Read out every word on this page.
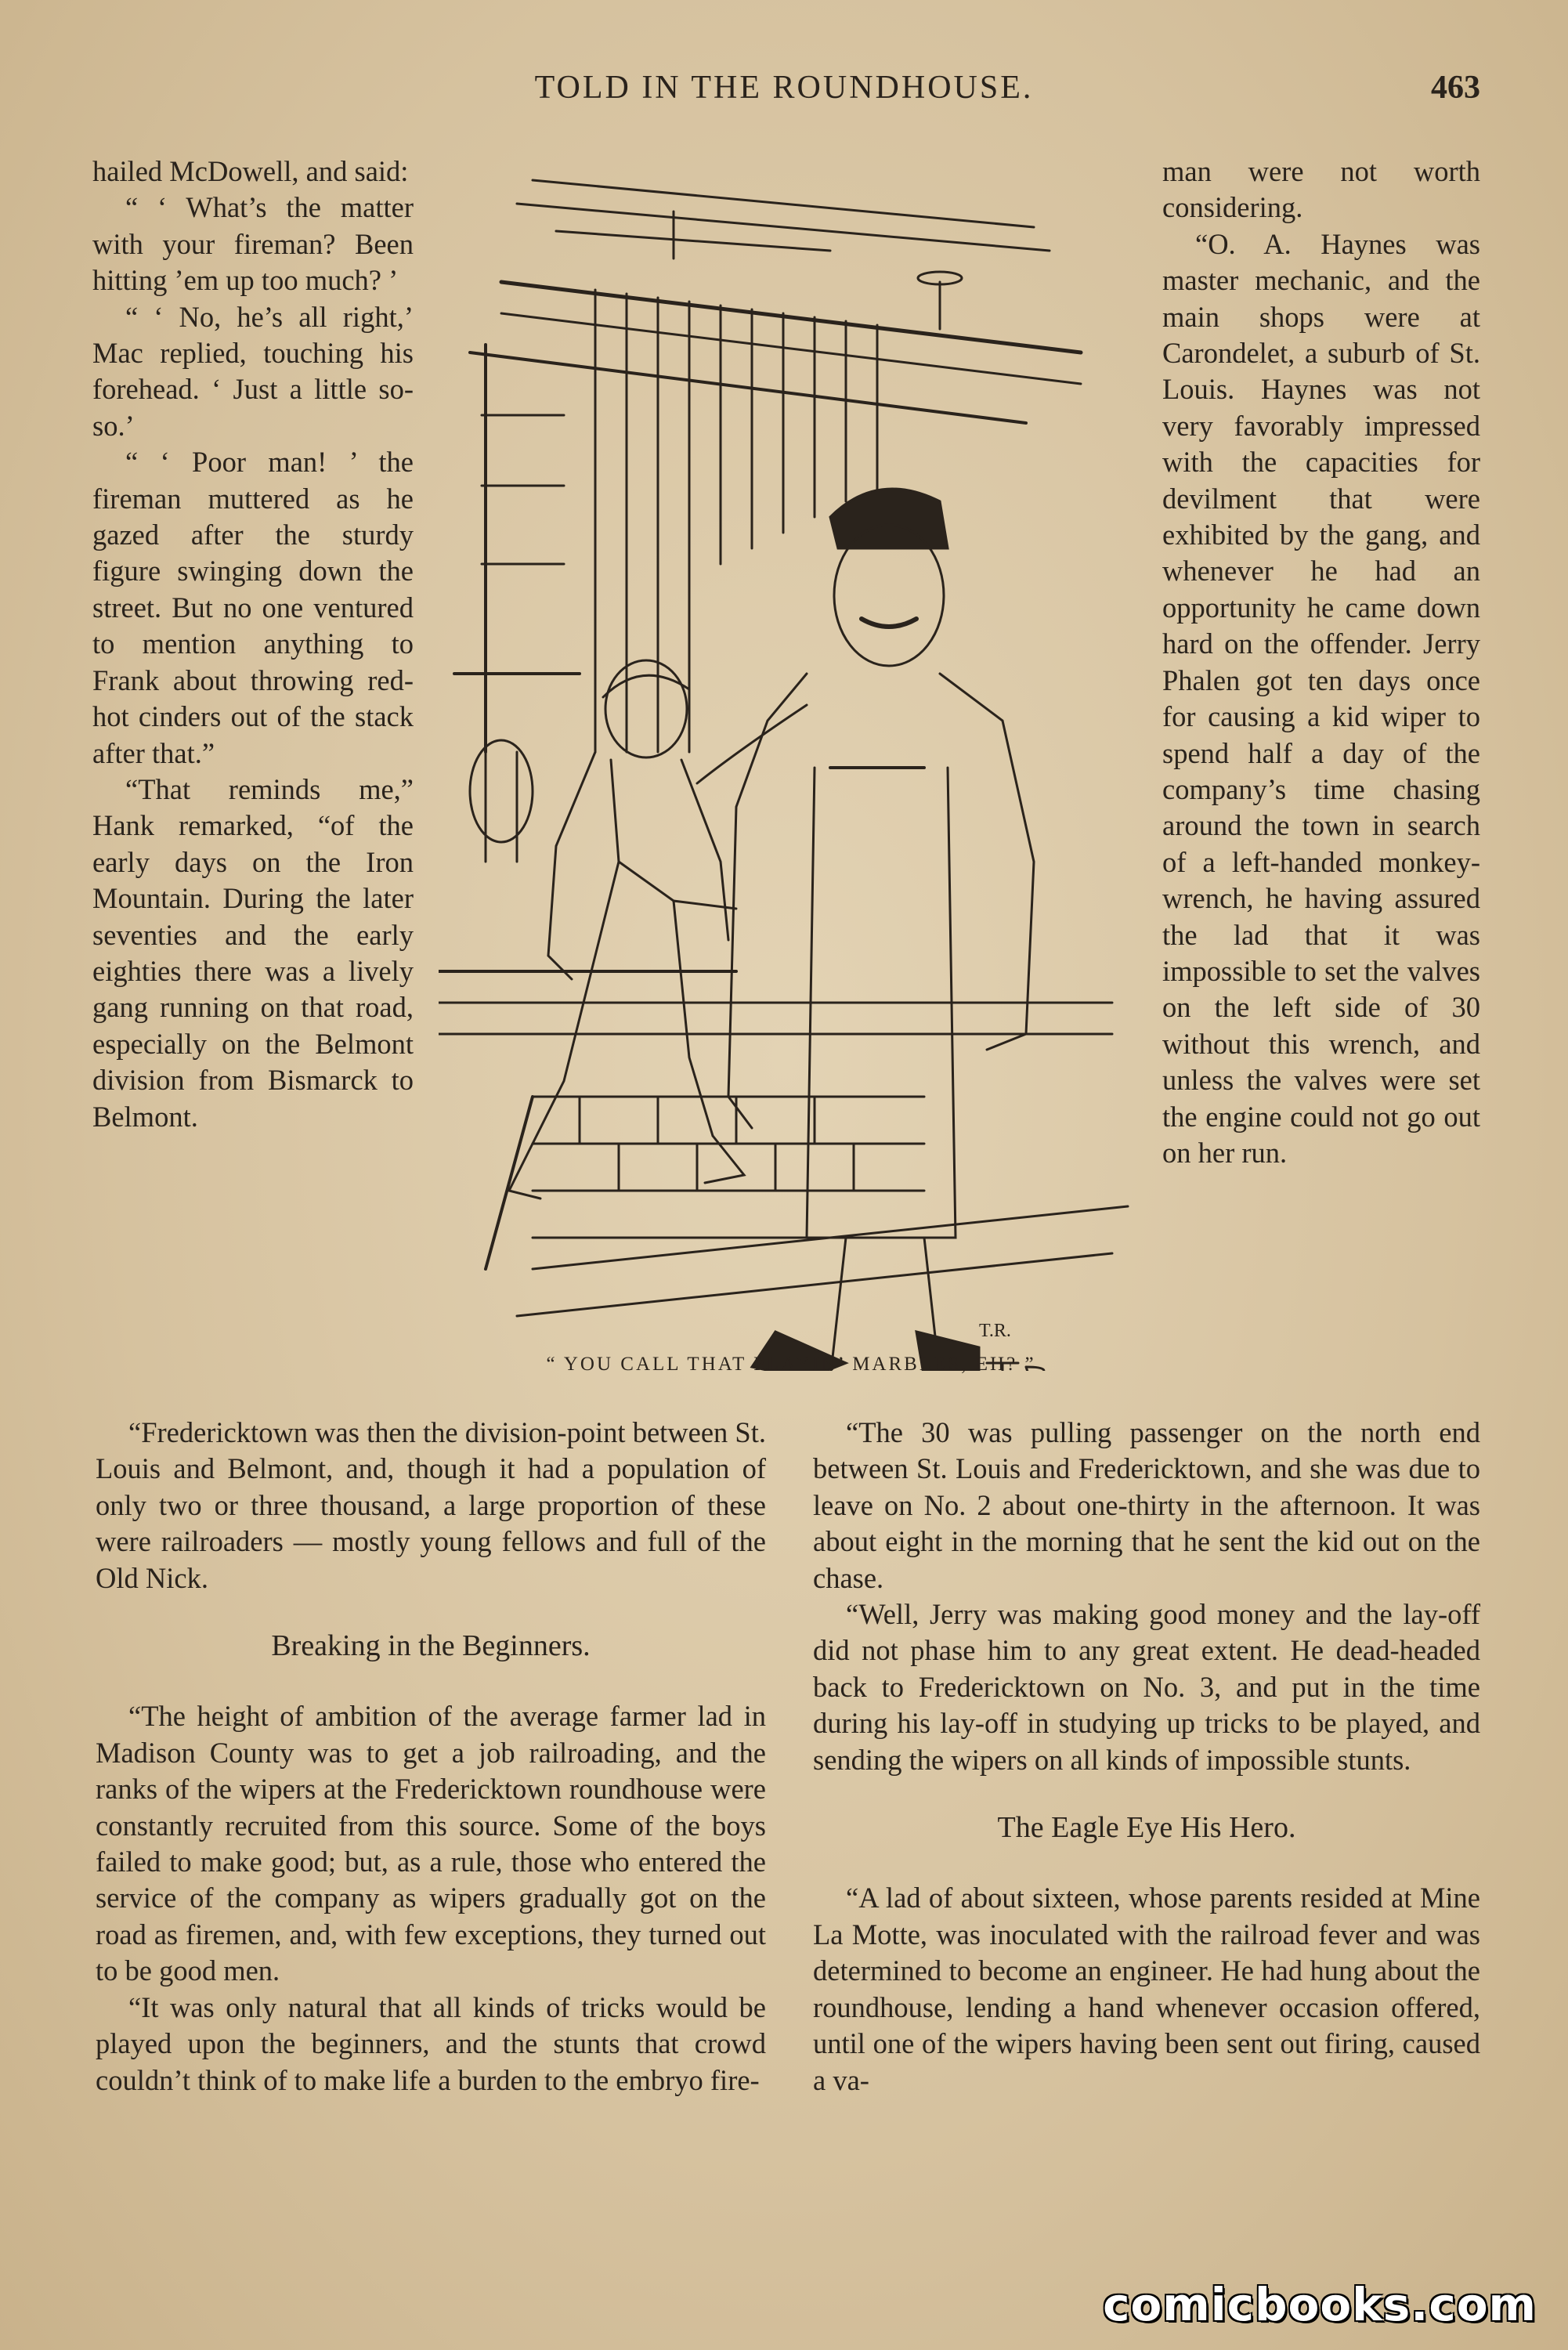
TOLD IN THE ROUNDHOUSE.	463

hailed McDowell, and said:

“ ‘ What’s the matter with your fireman? Been hitting ’em up too much? ’

“ ‘ No, he’s all right,’ Mac replied, touching his forehead. ‘ Just a little so-so.’

“ ‘ Poor man! ’ the fireman muttered as he gazed after the sturdy figure swinging down the street. But no one ventured to mention anything to Frank about throwing red-hot cinders out of the stack after that.”

“That reminds me,” Hank remarked, “of the early days on the Iron Mountain. During the later seventies and the early eighties there was a lively gang running on that road, especially on the Belmont division from Bismarck to Belmont.

“ YOU CALL THAT PLAYIN’ MARBLES, EH? ”
T.R.

man were not worth considering.

“O. A. Haynes was master mechanic, and the main shops were at Carondelet, a suburb of St. Louis. Haynes was not very favorably impressed with the capacities for devilment that were exhibited by the gang, and whenever he had an opportunity he came down hard on the offender. Jerry Phalen got ten days once for causing a kid wiper to spend half a day of the company’s time chasing around the town in search of a left-handed monkey-wrench, he having assured the lad that it was impossible to set the valves on the left side of 30 without this wrench, and unless the valves were set the engine could not go out on her run.

“Fredericktown was then the division-point between St. Louis and Belmont, and, though it had a population of only two or three thousand, a large proportion of these were railroaders — mostly young fellows and full of the Old Nick.

Breaking in the Beginners.

“The height of ambition of the average farmer lad in Madison County was to get a job railroading, and the ranks of the wipers at the Fredericktown roundhouse were constantly recruited from this source. Some of the boys failed to make good; but, as a rule, those who entered the service of the company as wipers gradually got on the road as firemen, and, with few exceptions, they turned out to be good men.

“It was only natural that all kinds of tricks would be played upon the beginners, and the stunts that crowd couldn’t think of to make life a burden to the embryo fire-

“The 30 was pulling passenger on the north end between St. Louis and Fredericktown, and she was due to leave on No. 2 about one-thirty in the afternoon. It was about eight in the morning that he sent the kid out on the chase.

“Well, Jerry was making good money and the lay-off did not phase him to any great extent. He dead-headed back to Fredericktown on No. 3, and put in the time during his lay-off in studying up tricks to be played, and sending the wipers on all kinds of impossible stunts.

The Eagle Eye His Hero.

“A lad of about sixteen, whose parents resided at Mine La Motte, was inoculated with the railroad fever and was determined to become an engineer. He had hung about the roundhouse, lending a hand whenever occasion offered, until one of the wipers having been sent out firing, caused a va-

comicbooks.com
